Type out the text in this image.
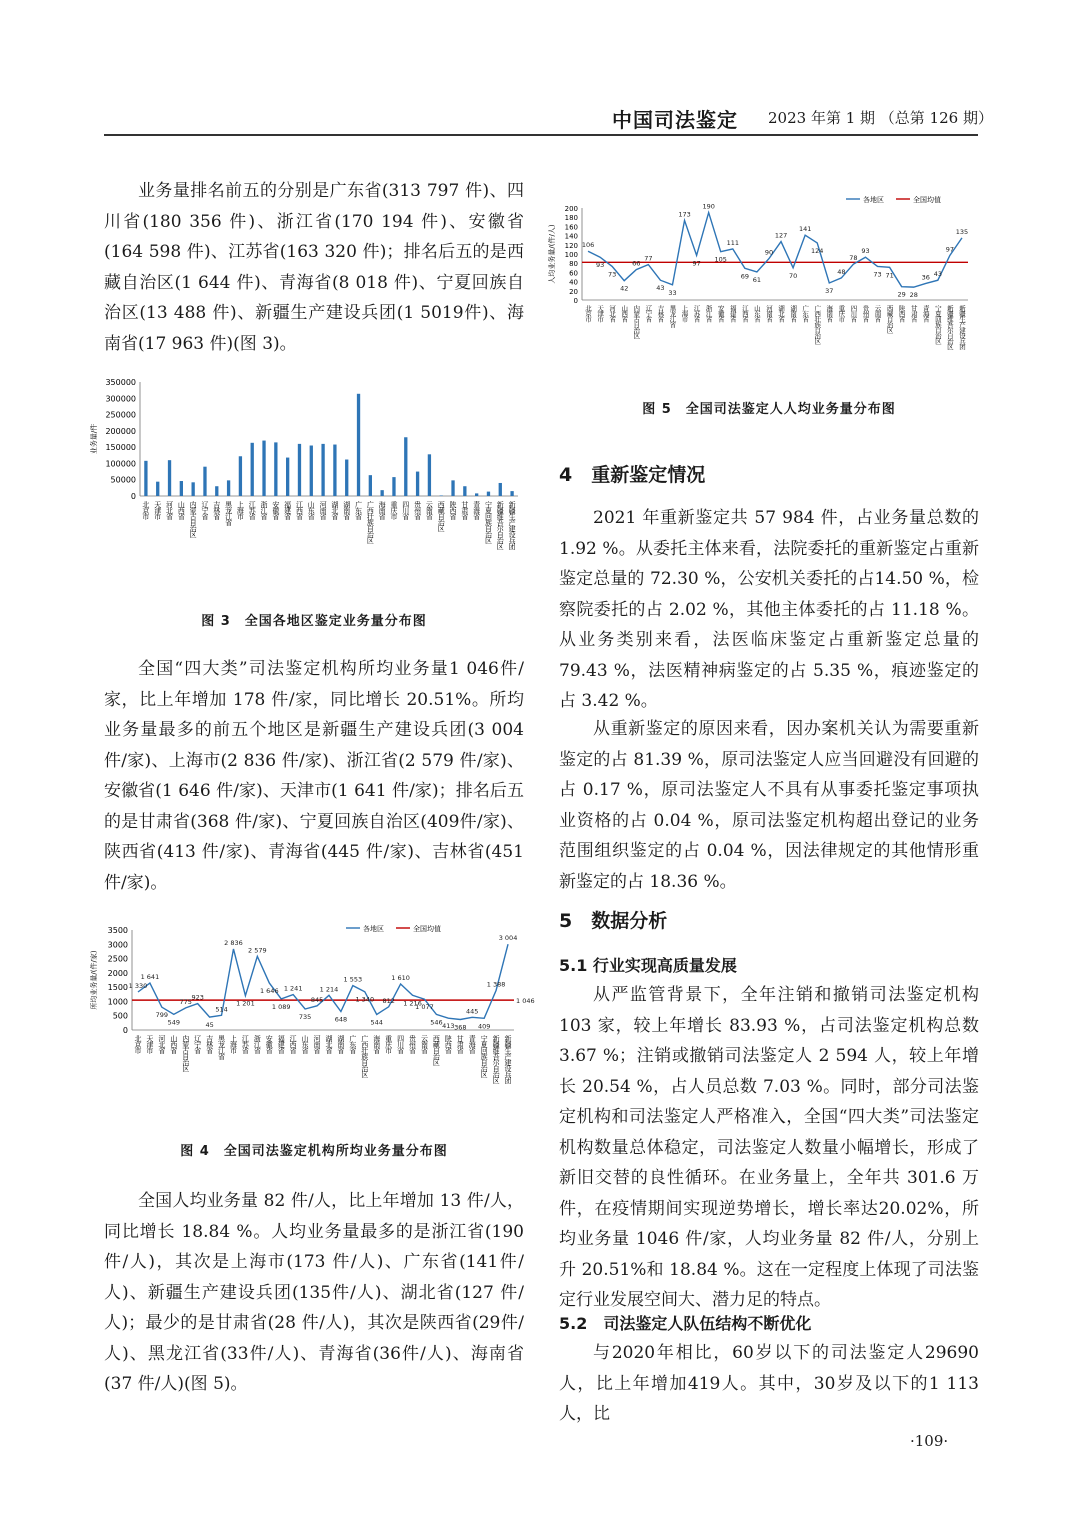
中国司法鉴定 2023 年第 1 期 （总第 126 期）

业务量排名前五的分别是广东省(313 797 件)、四川省(180 356 件)、浙江省(170 194 件)、安徽省(164 598 件)、江苏省(163 320 件)；排名后五的是西藏自治区(1 644 件)、青海省(8 018 件)、宁夏回族自治区(13 488 件)、新疆生产建设兵团(1 5019件)、海南省(17 963 件)(图 3)。

业务量/件
0
50000
100000
150000
200000
250000
300000
350000
北京市 天津市 河北省 山西省 内蒙古自治区 辽宁省 吉林省 黑龙江省 上海市 江苏省 浙江省 安徽省 福建省 江西省 山东省 河南省 湖北省 湖南省 广东省 广西壮族自治区 海南省 重庆市 四川省 贵州省 云南省 西藏自治区 陕西省 甘肃省 青海省 宁夏回族自治区 新疆维吾尔自治区 新疆生产建设兵团
图 3　全国各地区鉴定业务量分布图

全国“四大类”司法鉴定机构所均业务量1 046件/家，比上年增加 178 件/家，同比增长 20.51%。所均业务量最多的前五个地区是新疆生产建设兵团(3 004 件/家)、上海市(2 836 件/家)、浙江省(2 579 件/家)、安徽省(1 646 件/家)、天津市(1 641 件/家)；排名后五的是甘肃省(368 件/家)、宁夏回族自治区(409件/家)、陕西省(413 件/家)、青海省(445 件/家)、吉林省(451 件/家)。

所均业务量/(件/家)
0
500
1000
1500
2000
2500
3000
3500
北京市 天津市 河北省 山西省 内蒙古自治区 辽宁省 吉林省 黑龙江省 上海市 江苏省 浙江省 安徽省 福建省 江西省 山东省 河南省 湖北省 湖南省 广东省 广西壮族自治区 海南省 重庆市 四川省 贵州省 云南省 西藏自治区 陕西省 甘肃省 青海省 宁夏回族自治区 新疆维吾尔自治区 新疆生产建设兵团
1 330
1 641
799
549
775
923
45
514
2 836
1 201
2 579
1 646
1 089
1 241
735
845
1 214
648
1 553
1 340
544
812
1 610
1 216
1 077
546 413 368
445
409
1 388
3 004
1 046
各地区	全国均值
图 4　全国司法鉴定机构所均业务量分布图

全国人均业务量 82 件/人，比上年增加 13 件/人，同比增长 18.84 %。人均业务量最多的是浙江省(190 件/人)，其次是上海市(173 件/人)、广东省(141件/人)、新疆生产建设兵团(135件/人)、湖北省(127 件/人)；最少的是甘肃省(28 件/人)，其次是陕西省(29件/人)、黑龙江省(33件/人)、青海省(36件/人)、海南省(37 件/人)(图 5)。

人均业务量/(件/人)
0
20
40
60
80
100
120
140
160
180
200
北京市 天津市 河北省 山西省 内蒙古自治区 辽宁省 吉林省 黑龙江省 上海市 江苏省 浙江省 安徽省 福建省 江西省 山东省 河南省 湖北省 湖南省 广东省 广西壮族自治区 海南省 重庆市 四川省 贵州省 云南省 西藏自治区 陕西省 甘肃省 青海省 宁夏回族自治区 新疆维吾尔自治区 新疆生产建设兵团
106
93
73
42
66
77
43
33
173
97
190
105
111
69 61
90
127
70
141
124
37
48
78
93
73 71
29 28
36 43
97
135
各地区	全国均值
图 5　全国司法鉴定人人均业务量分布图
4　重新鉴定情况

2021 年重新鉴定共 57 984 件，占业务量总数的 1.92 %。从委托主体来看，法院委托的重新鉴定占重新鉴定总量的 72.30 %，公安机关委托的占14.50 %，检察院委托的占 2.02 %，其他主体委托的占 11.18 %。从业务类别来看，法医临床鉴定占重新鉴定总量的 79.43 %，法医精神病鉴定的占 5.35 %，痕迹鉴定的占 3.42 %。

从重新鉴定的原因来看，因办案机关认为需要重新鉴定的占 81.39 %，原司法鉴定人应当回避没有回避的占 0.17 %，原司法鉴定人不具有从事委托鉴定事项执业资格的占 0.04 %，原司法鉴定机构超出登记的业务范围组织鉴定的占 0.04 %，因法律规定的其他情形重新鉴定的占 18.36 %。

5　数据分析
5.1 行业实现高质量发展

从严监管背景下，全年注销和撤销司法鉴定机构 103 家，较上年增长 83.93 %，占司法鉴定机构总数 3.67 %；注销或撤销司法鉴定人 2 594 人，较上年增长 20.54 %，占人员总数 7.03 %。同时，部分司法鉴定机构和司法鉴定人严格准入，全国“四大类”司法鉴定机构数量总体稳定，司法鉴定人数量小幅增长，形成了新旧交替的良性循环。在业务量上，全年共 301.6 万件，在疫情期间实现逆势增长，增长率达20.02%，所均业务量 1046 件/家，人均业务量 82 件/人，分别上升 20.51%和 18.84 %。这在一定程度上体现了司法鉴定行业发展空间大、潜力足的特点。

5.2　司法鉴定人队伍结构不断优化

与2020年相比，60岁以下的司法鉴定人29690人，比上年增加419人。其中，30岁及以下的1 113人，比

·109·
